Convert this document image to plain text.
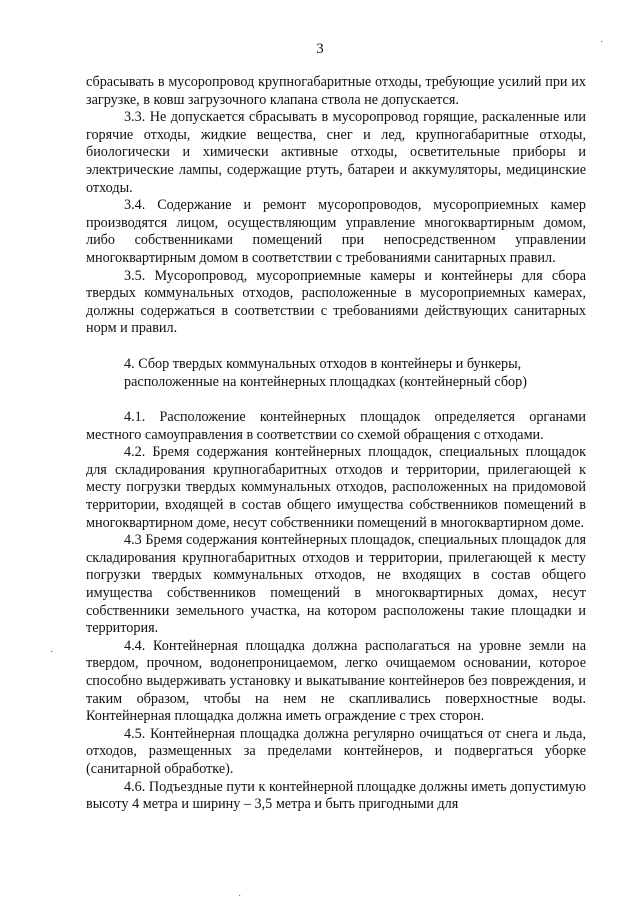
3	·
·
·

сбрасывать в мусоропровод крупногабаритные отходы, требующие усилий при их загрузке, в ковш загрузочного клапана ствола не допускается.

3.3. Не допускается сбрасывать в мусоропровод горящие, раскаленные или горячие отходы, жидкие вещества, снег и лед, крупногабаритные отходы, биологически и химически активные отходы, осветительные приборы и электрические лампы, содержащие ртуть, батареи и аккумуляторы, медицинские отходы.

3.4. Содержание и ремонт мусоропроводов, мусороприемных камер производятся лицом, осуществляющим управление многоквартирным домом, либо собственниками помещений при непосредственном управлении многоквартирным домом в соответствии с требованиями санитарных правил.

3.5. Мусоропровод, мусороприемные камеры и контейнеры для сбора твердых коммунальных отходов, расположенные в мусороприемных камерах, должны содержаться в соответствии с требованиями действующих санитарных норм и правил.

4. Сбор твердых коммунальных отходов в контейнеры и бункеры,
расположенные на контейнерных площадках (контейнерный сбор)

4.1. Расположение контейнерных площадок определяется органами местного самоуправления в соответствии со схемой обращения с отходами.

4.2. Бремя содержания контейнерных площадок, специальных площадок для складирования крупногабаритных отходов и территории, прилегающей к месту погрузки твердых коммунальных отходов, расположенных на придомовой территории, входящей в состав общего имущества собственников помещений в многоквартирном доме, несут собственники помещений в многоквартирном доме.

4.3 Бремя содержания контейнерных площадок, специальных площадок для складирования крупногабаритных отходов и территории, прилегающей к месту погрузки твердых коммунальных отходов, не входящих в состав общего имущества собственников помещений в многоквартирных домах, несут собственники земельного участка, на котором расположены такие площадки и территория.

4.4. Контейнерная площадка должна располагаться на уровне земли на твердом, прочном, водонепроницаемом, легко очищаемом основании, которое способно выдерживать установку и выкатывание контейнеров без повреждения, и таким образом, чтобы на нем не скапливались поверхностные воды. Контейнерная площадка должна иметь ограждение с трех сторон.

4.5. Контейнерная площадка должна регулярно очищаться от снега и льда, отходов, размещенных за пределами контейнеров, и подвергаться уборке (санитарной обработке).

4.6. Подъездные пути к контейнерной площадке должны иметь допустимую высоту 4 метра и ширину – 3,5 метра и быть пригодными для
